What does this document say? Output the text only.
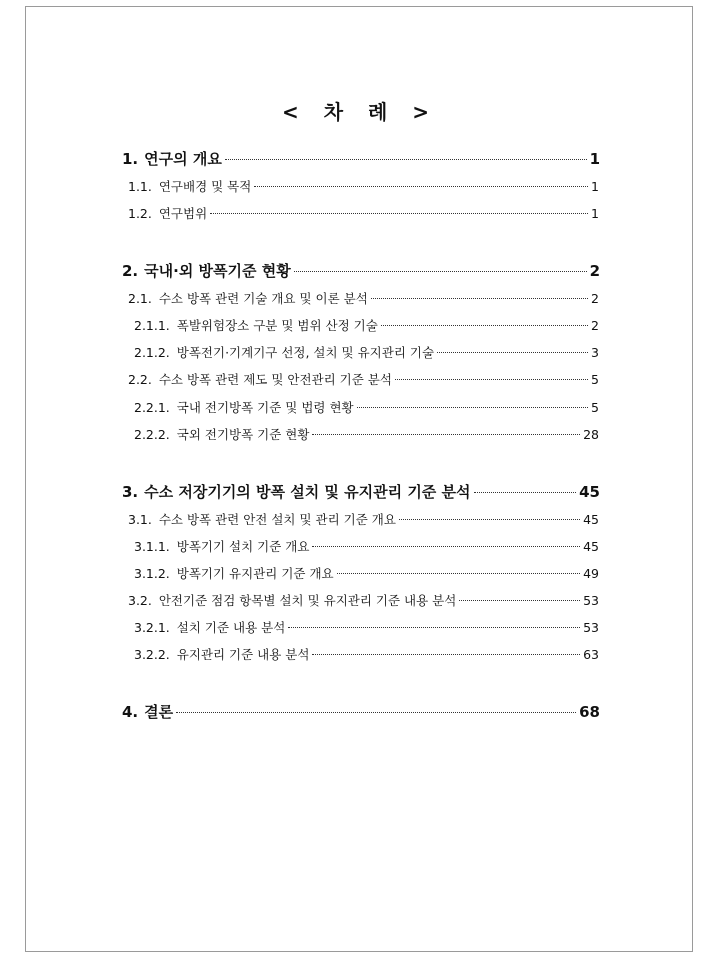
< 차 례 >
1. 연구의 개요	1
1.1. 연구배경 및 목적	1
1.2. 연구범위	1
2. 국내·외 방폭기준 현황	2
2.1. 수소 방폭 관련 기술 개요 및 이론 분석	2
2.1.1. 폭발위험장소 구분 및 범위 산정 기술	2
2.1.2. 방폭전기·기계기구 선정, 설치 및 유지관리 기술	3
2.2. 수소 방폭 관련 제도 및 안전관리 기준 분석	5
2.2.1. 국내 전기방폭 기준 및 법령 현황	5
2.2.2. 국외 전기방폭 기준 현황	28
3. 수소 저장기기의 방폭 설치 및 유지관리 기준 분석	45
3.1. 수소 방폭 관련 안전 설치 및 관리 기준 개요	45
3.1.1. 방폭기기 설치 기준 개요	45
3.1.2. 방폭기기 유지관리 기준 개요	49
3.2. 안전기준 점검 항목별 설치 및 유지관리 기준 내용 분석	53
3.2.1. 설치 기준 내용 분석	53
3.2.2. 유지관리 기준 내용 분석	63
4. 결론	68
